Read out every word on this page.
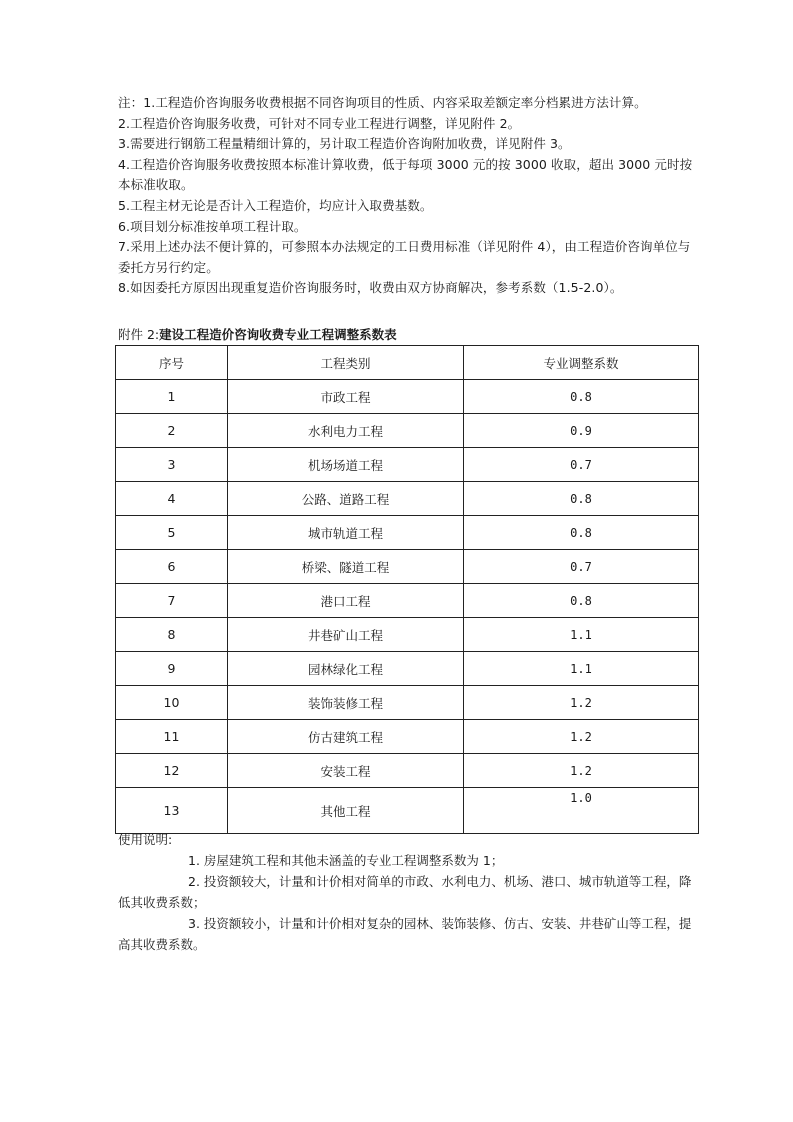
注：1.工程造价咨询服务收费根据不同咨询项目的性质、内容采取差额定率分档累进方法计算。

2.工程造价咨询服务收费，可针对不同专业工程进行调整，详见附件 2。

3.需要进行钢筋工程量精细计算的，另计取工程造价咨询附加收费，详见附件 3。

4.工程造价咨询服务收费按照本标准计算收费，低于每项 3000 元的按 3000 收取，超出 3000 元时按本标准收取。

5.工程主材无论是否计入工程造价，均应计入取费基数。

6.项目划分标准按单项工程计取。

7.采用上述办法不便计算的，可参照本办法规定的工日费用标准（详见附件 4），由工程造价咨询单位与委托方另行约定。

8.如因委托方原因出现重复造价咨询服务时，收费由双方协商解决，参考系数（1.5-2.0）。

附件 2:建设工程造价咨询收费专业工程调整系数表
序号	工程类别	专业调整系数
1	市政工程	0.8
2	水利电力工程	0.9
3	机场场道工程	0.7
4	公路、道路工程	0.8
5	城市轨道工程	0.8
6	桥梁、隧道工程	0.7
7	港口工程	0.8
8	井巷矿山工程	1.1
9	园林绿化工程	1.1
10	装饰装修工程	1.2
11	仿古建筑工程	1.2
12	安装工程	1.2
13	其他工程	1.0

使用说明:

1. 房屋建筑工程和其他未涵盖的专业工程调整系数为 1；

2. 投资额较大，计量和计价相对简单的市政、水利电力、机场、港口、城市轨道等工程，降低其收费系数；

3. 投资额较小，计量和计价相对复杂的园林、装饰装修、仿古、安装、井巷矿山等工程，提高其收费系数。
